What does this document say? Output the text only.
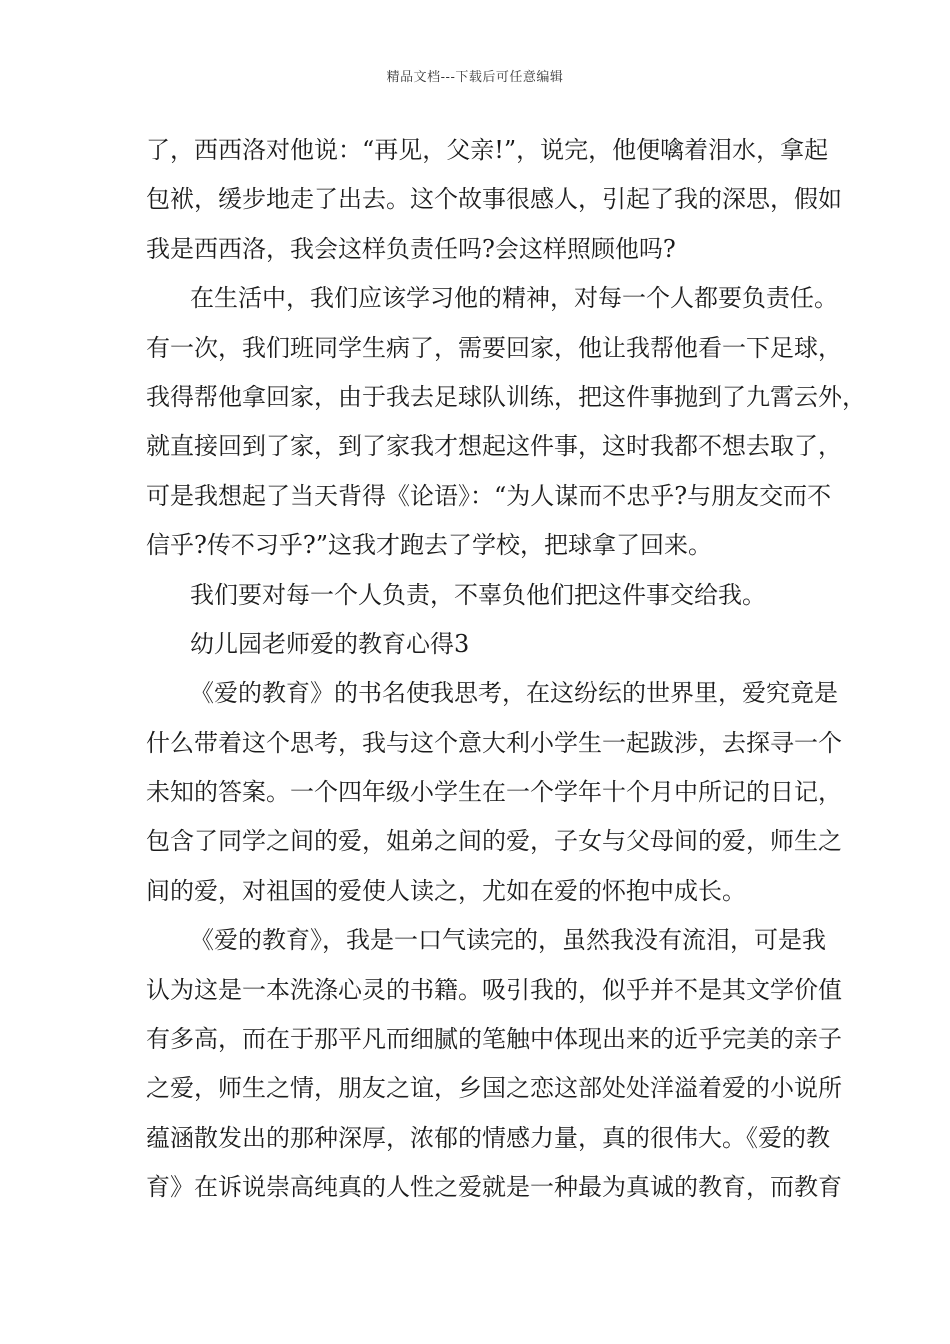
精品文档---下载后可任意编辑
了，西西洛对他说：“再见，父亲!”，说完，他便噙着泪水，拿起
包袱，缓步地走了出去。这个故事很感人，引起了我的深思，假如
我是西西洛，我会这样负责任吗?会这样照顾他吗?
在生活中，我们应该学习他的精神，对每一个人都要负责任。
有一次，我们班同学生病了，需要回家，他让我帮他看一下足球，
我得帮他拿回家，由于我去足球队训练，把这件事抛到了九霄云外，
就直接回到了家，到了家我才想起这件事，这时我都不想去取了，
可是我想起了当天背得《论语》：“为人谋而不忠乎?与朋友交而不
信乎?传不习乎?”这我才跑去了学校，把球拿了回来。
我们要对每一个人负责，不辜负他们把这件事交给我。
幼儿园老师爱的教育心得3
《爱的教育》的书名使我思考，在这纷纭的世界里，爱究竟是
什么带着这个思考，我与这个意大利小学生一起跋涉，去探寻一个
未知的答案。一个四年级小学生在一个学年十个月中所记的日记，
包含了同学之间的爱，姐弟之间的爱，子女与父母间的爱，师生之
间的爱，对祖国的爱使人读之，尤如在爱的怀抱中成长。
《爱的教育》，我是一口气读完的，虽然我没有流泪，可是我
认为这是一本洗涤心灵的书籍。吸引我的，似乎并不是其文学价值
有多高，而在于那平凡而细腻的笔触中体现出来的近乎完美的亲子
之爱，师生之情，朋友之谊，乡国之恋这部处处洋溢着爱的小说所
蕴涵散发出的那种深厚，浓郁的情感力量，真的很伟大。《爱的教
育》在诉说崇高纯真的人性之爱就是一种最为真诚的教育，而教育
